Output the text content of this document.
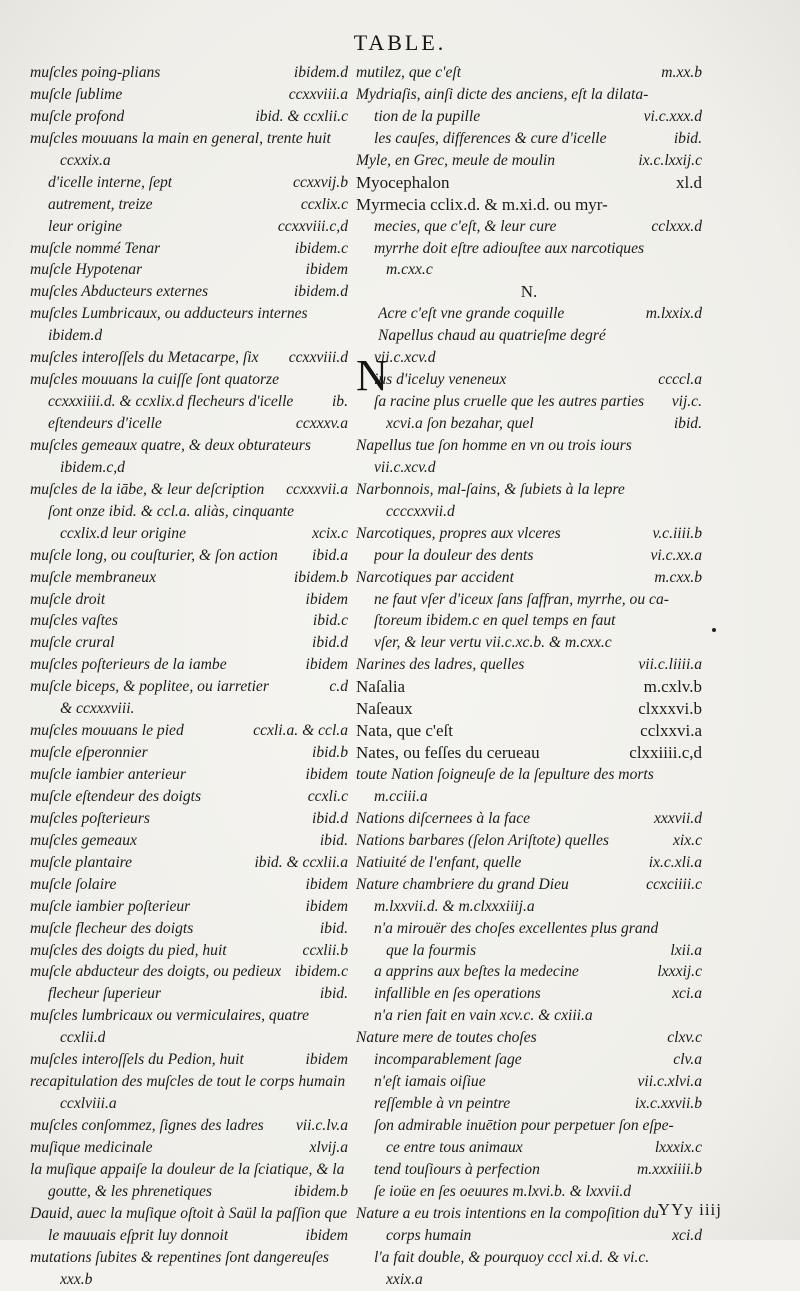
TABLE.
muſcles poing-plians	ibidem.d
muſcle ſublime	ccxxviii.a
muſcle profond	ibid. & ccxlii.c
muſcles mouuans la main en general, trente huit
ccxxix.a
d'icelle interne, ſept	ccxxvij.b
autrement, treize	ccxlix.c
leur origine	ccxxviii.c,d
muſcle nommé Tenar	ibidem.c
muſcle Hypotenar	ibidem
muſcles Abducteurs externes	ibidem.d
muſcles Lumbricaux, ou adducteurs internes
ibidem.d
muſcles interoſſels du Metacarpe, ſix	ccxxviii.d
muſcles mouuans la cuiſſe ſont quatorze
ccxxxiiii.d. & ccxlix.d flecheurs d'icelle	ib.
eſtendeurs d'icelle	ccxxxv.a
muſcles gemeaux quatre, & deux obturateurs
ibidem.c,d
muſcles de la iābe, & leur deſcription	ccxxxvii.a
ſont onze ibid. & ccl.a. aliàs, cinquante
ccxlix.d leur origine	xcix.c
muſcle long, ou couſturier, & ſon action	ibid.a
muſcle membraneux	ibidem.b
muſcle droit	ibidem
muſcles vaſtes	ibid.c
muſcle crural	ibid.d
muſcles poſterieurs de la iambe	ibidem
muſcle biceps, & poplitee, ou iarretier	c.d
& ccxxxviii.
muſcles mouuans le pied	ccxli.a. & ccl.a
muſcle eſperonnier	ibid.b
muſcle iambier anterieur	ibidem
muſcle eſtendeur des doigts	ccxli.c
muſcles poſterieurs	ibid.d
muſcles gemeaux	ibid.
muſcle plantaire	ibid. & ccxlii.a
muſcle ſolaire	ibidem
muſcle iambier poſterieur	ibidem
muſcle flecheur des doigts	ibid.
muſcles des doigts du pied, huit	ccxlii.b
muſcle abducteur des doigts, ou pedieux ibidem.c
flecheur ſuperieur	ibid.
muſcles lumbricaux ou vermiculaires, quatre
ccxlii.d
muſcles interoſſels du Pedion, huit	ibidem
recapitulation des muſcles de tout le corps humain
ccxlviii.a
muſcles conſommez, ſignes des ladres	vii.c.lv.a
muſique medicinale	xlvij.a
la muſique appaiſe la douleur de la ſciatique, & la
goutte, & les phrenetiques	ibidem.b
Dauid, auec la muſique oſtoit à Saül la paſſion que
le mauuais eſprit luy donnoit	ibidem
mutations ſubites & repentines ſont dangereuſes
xxx.b
N
mutilez, que c'eſt	m.xx.b
Mydriaſis, ainſi dicte des anciens, eſt la dilata-
tion de la pupille	vi.c.xxx.d
les cauſes, differences & cure d'icelle	ibid.
Myle, en Grec, meule de moulin	ix.c.lxxij.c
Myocephalon	xl.d
Myrmecia cclix.d. & m.xi.d. ou myr-
mecies, que c'eſt, & leur cure	cclxxx.d
myrrhe doit eſtre adiouſtee aux narcotiques
m.cxx.c
N.
Acre c'eſt vne grande coquille	m.lxxix.d
Napellus chaud au quatrieſme degré
vii.c.xcv.d
ius d'iceluy veneneux	ccccl.a
ſa racine plus cruelle que les autres parties	vij.c.
xcvi.a ſon bezahar, quel	ibid.
Napellus tue ſon homme en vn ou trois iours
vii.c.xcv.d
Narbonnois, mal-ſains, & ſubiets à la lepre
ccccxxvii.d
Narcotiques, propres aux vlceres	v.c.iiii.b
pour la douleur des dents	vi.c.xx.a
Narcotiques par accident	m.cxx.b
ne faut vſer d'iceux ſans ſaffran, myrrhe, ou ca-
ſtoreum ibidem.c en quel temps en faut
vſer, & leur vertu vii.c.xc.b. & m.cxx.c
Narines des ladres, quelles	vii.c.liiii.a
Naſalia	m.cxlv.b
Naſeaux	clxxxvi.b
Nata, que c'eſt	cclxxvi.a
Nates, ou feſſes du cerueau	clxxiiii.c,d
toute Nation ſoigneuſe de la ſepulture des morts
m.cciii.a
Nations diſcernees à la face	xxxvii.d
Nations barbares (ſelon Ariſtote) quelles	xix.c
Natiuité de l'enfant, quelle	ix.c.xli.a
Nature chambriere du grand Dieu	ccxciiii.c
m.lxxvii.d. & m.clxxxiiij.a
n'a mirouër des choſes excellentes plus grand
que la fourmis	lxii.a
a apprins aux beſtes la medecine	lxxxij.c
infallible en ſes operations	xci.a
n'a rien fait en vain xcv.c. & cxiii.a
Nature mere de toutes choſes	clxv.c
incomparablement ſage	clv.a
n'eſt iamais oiſiue	vii.c.xlvi.a
reſſemble à vn peintre	ix.c.xxvii.b
ſon admirable inuētion pour perpetuer ſon eſpe-
ce entre tous animaux	lxxxix.c
tend touſiours à perfection	m.xxxiiii.b
ſe ioüe en ſes oeuures m.lxvi.b. & lxxvii.d
Nature a eu trois intentions en la compoſition du
corps humain	xci.d
l'a fait double, & pourquoy cccl xi.d. & vi.c.
xxix.a
YYy iiij
